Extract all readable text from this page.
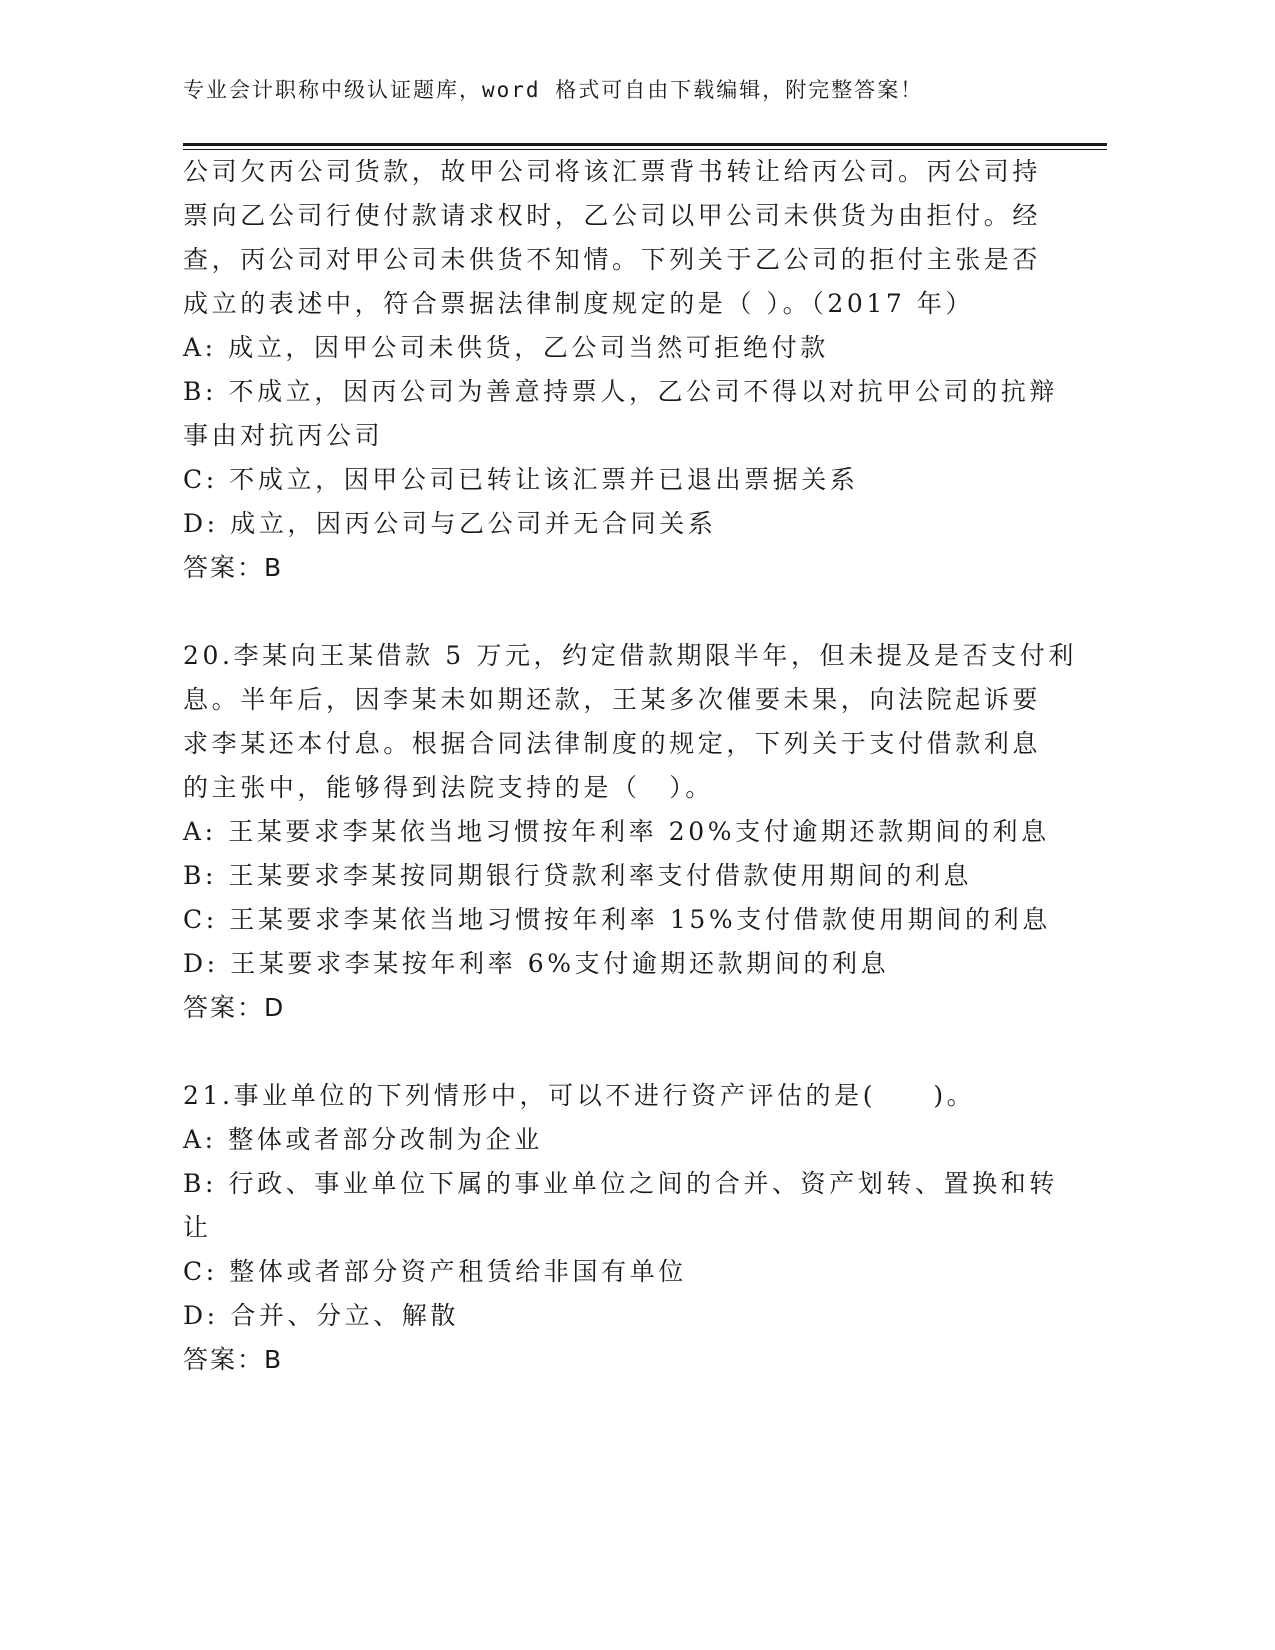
专业会计职称中级认证题库，word 格式可自由下载编辑，附完整答案！
公司欠丙公司货款，故甲公司将该汇票背书转让给丙公司。丙公司持
票向乙公司行使付款请求权时，乙公司以甲公司未供货为由拒付。经
查，丙公司对甲公司未供货不知情。下列关于乙公司的拒付主张是否
成立的表述中，符合票据法律制度规定的是（ ）。（2017 年）
A: 成立，因甲公司未供货，乙公司当然可拒绝付款
B: 不成立，因丙公司为善意持票人，乙公司不得以对抗甲公司的抗辩
事由对抗丙公司
C: 不成立，因甲公司已转让该汇票并已退出票据关系
D: 成立，因丙公司与乙公司并无合同关系
答案：B
20.李某向王某借款 5 万元，约定借款期限半年，但未提及是否支付利
息。半年后，因李某未如期还款，王某多次催要未果，向法院起诉要
求李某还本付息。根据合同法律制度的规定，下列关于支付借款利息
的主张中，能够得到法院支持的是（　）。
A: 王某要求李某依当地习惯按年利率 20%支付逾期还款期间的利息
B: 王某要求李某按同期银行贷款利率支付借款使用期间的利息
C: 王某要求李某依当地习惯按年利率 15%支付借款使用期间的利息
D: 王某要求李某按年利率 6%支付逾期还款期间的利息
答案：D
21.事业单位的下列情形中，可以不进行资产评估的是(　　)。
A: 整体或者部分改制为企业
B: 行政、事业单位下属的事业单位之间的合并、资产划转、置换和转
让
C: 整体或者部分资产租赁给非国有单位
D: 合并、分立、解散
答案：B
